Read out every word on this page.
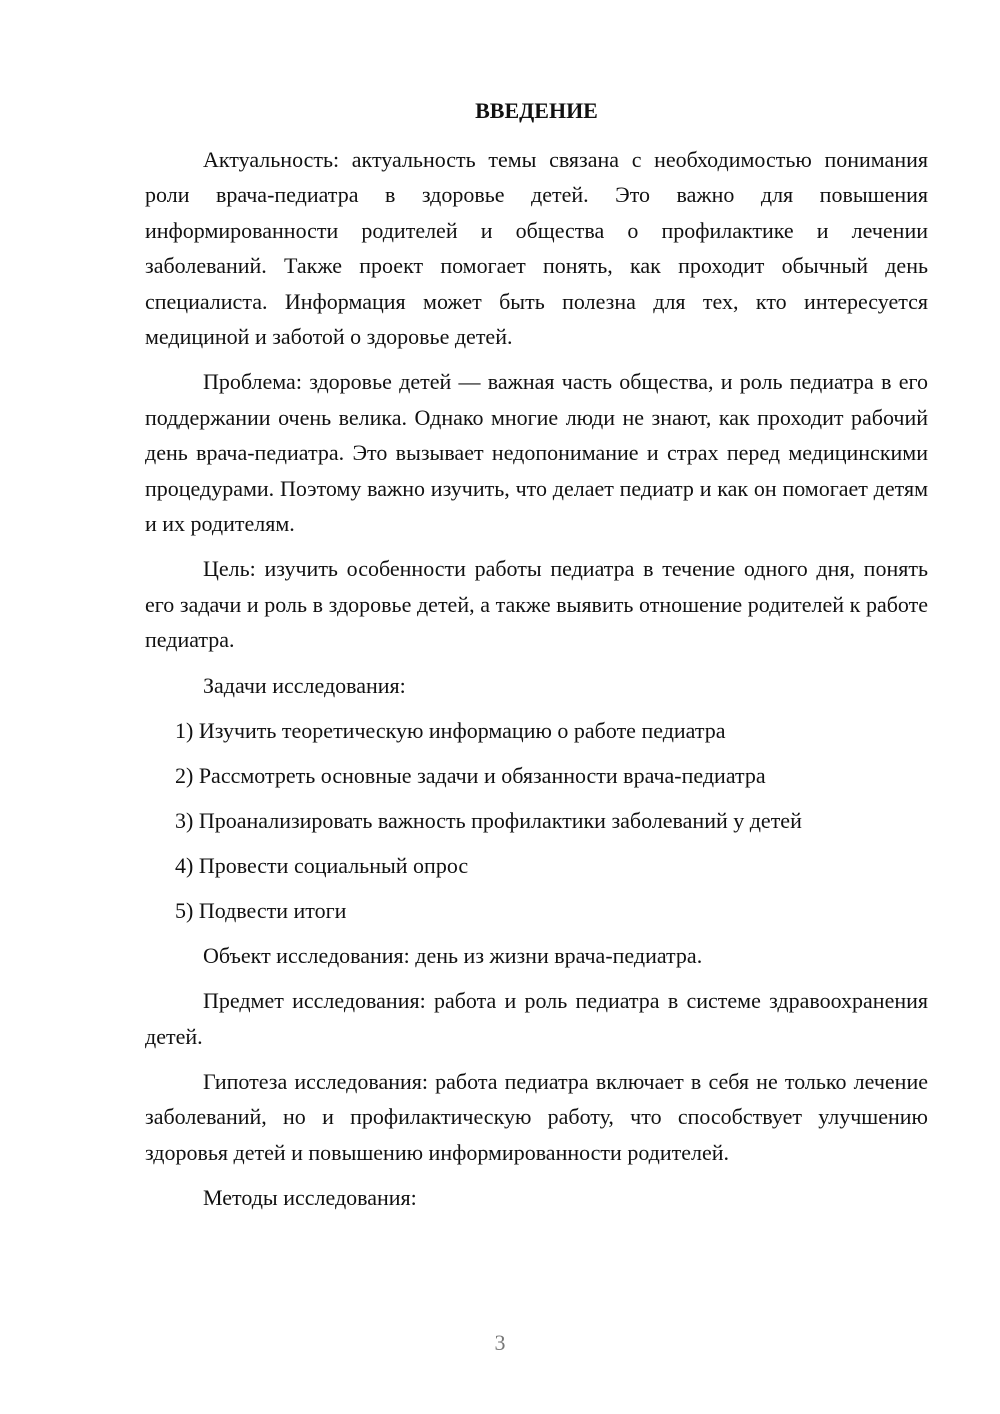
ВВЕДЕНИЕ

Актуальность: актуальность темы связана с необходимостью понимания роли врача-педиатра в здоровье детей. Это важно для повышения информированности родителей и общества о профилактике и лечении заболеваний. Также проект помогает понять, как проходит обычный день специалиста. Информация может быть полезна для тех, кто интересуется медициной и заботой о здоровье детей.

Проблема: здоровье детей — важная часть общества, и роль педиатра в его поддержании очень велика. Однако многие люди не знают, как проходит рабочий день врача-педиатра. Это вызывает недопонимание и страх перед медицинскими процедурами. Поэтому важно изучить, что делает педиатр и как он помогает детям и их родителям.

Цель: изучить особенности работы педиатра в течение одного дня, понять его задачи и роль в здоровье детей, а также выявить отношение родителей к работе педиатра.

Задачи исследования:
1) Изучить теоретическую информацию о работе педиатра
2) Рассмотреть основные задачи и обязанности врача-педиатра
3) Проанализировать важность профилактики заболеваний у детей
4) Провести социальный опрос
5) Подвести итоги

Объект исследования: день из жизни врача-педиатра.

Предмет исследования: работа и роль педиатра в системе здравоохранения детей.

Гипотеза исследования: работа педиатра включает в себя не только лечение заболеваний, но и профилактическую работу, что способствует улучшению здоровья детей и повышению информированности родителей.

Методы исследования:
3
